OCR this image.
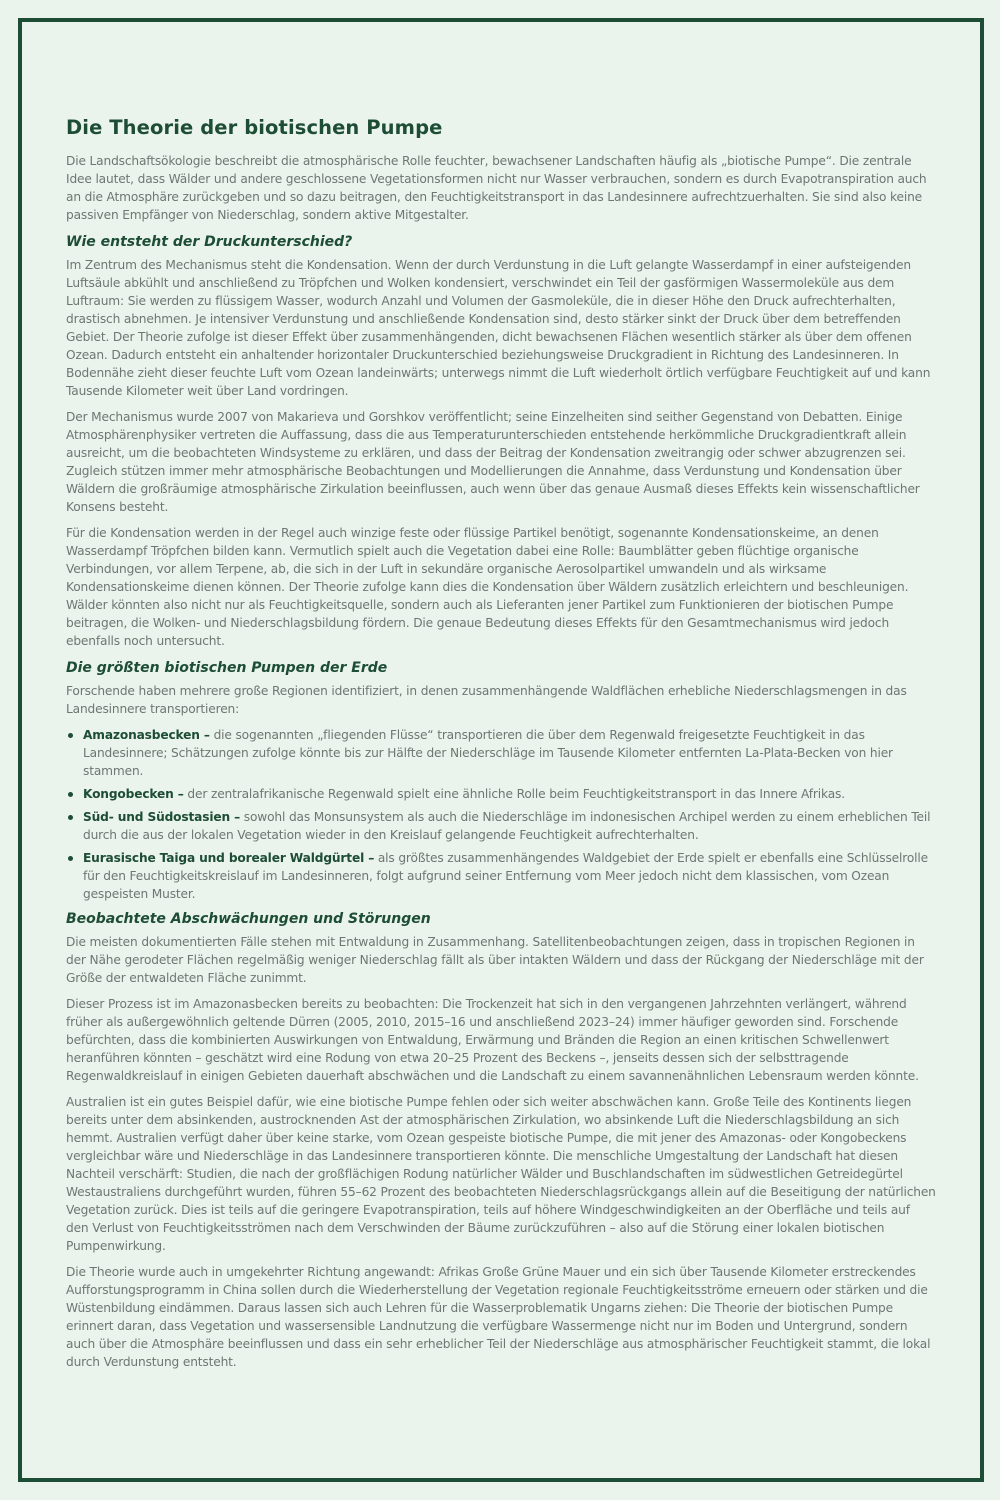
Die Theorie der biotischen Pumpe

Die Landschaftsökologie beschreibt die atmosphärische Rolle feuchter, bewachsener Landschaften häufig als „biotische Pumpe“. Die zentrale Idee lautet, dass Wälder und andere geschlossene Vegetationsformen nicht nur Wasser verbrauchen, sondern es durch Evapotranspiration auch an die Atmosphäre zurückgeben und so dazu beitragen, den Feuchtigkeitstransport in das Landesinnere aufrechtzuerhalten. Sie sind also keine passiven Empfänger von Niederschlag, sondern aktive Mitgestalter.

Wie entsteht der Druckunterschied?

Im Zentrum des Mechanismus steht die Kondensation. Wenn der durch Verdunstung in die Luft gelangte Wasserdampf in einer aufsteigenden Luftsäule abkühlt und anschließend zu Tröpfchen und Wolken kondensiert, verschwindet ein Teil der gasförmigen Wassermoleküle aus dem Luftraum: Sie werden zu flüssigem Wasser, wodurch Anzahl und Volumen der Gasmoleküle, die in dieser Höhe den Druck aufrechterhalten, drastisch abnehmen. Je intensiver Verdunstung und anschließende Kondensation sind, desto stärker sinkt der Druck über dem betreffenden Gebiet. Der Theorie zufolge ist dieser Effekt über zusammenhängenden, dicht bewachsenen Flächen wesentlich stärker als über dem offenen Ozean. Dadurch entsteht ein anhaltender horizontaler Druckunterschied beziehungsweise Druckgradient in Richtung des Landesinneren. In Bodennähe zieht dieser feuchte Luft vom Ozean landeinwärts; unterwegs nimmt die Luft wiederholt örtlich verfügbare Feuchtigkeit auf und kann Tausende Kilometer weit über Land vordringen.

Der Mechanismus wurde 2007 von Makarieva und Gorshkov veröffentlicht; seine Einzelheiten sind seither Gegenstand von Debatten. Einige Atmosphärenphysiker vertreten die Auffassung, dass die aus Temperaturunterschieden entstehende herkömmliche Druckgradientkraft allein ausreicht, um die beobachteten Windsysteme zu erklären, und dass der Beitrag der Kondensation zweitrangig oder schwer abzugrenzen sei. Zugleich stützen immer mehr atmosphärische Beobachtungen und Modellierungen die Annahme, dass Verdunstung und Kondensation über Wäldern die großräumige atmosphärische Zirkulation beeinflussen, auch wenn über das genaue Ausmaß dieses Effekts kein wissenschaftlicher Konsens besteht.

Für die Kondensation werden in der Regel auch winzige feste oder flüssige Partikel benötigt, sogenannte Kondensationskeime, an denen Wasserdampf Tröpfchen bilden kann. Vermutlich spielt auch die Vegetation dabei eine Rolle: Baumblätter geben flüchtige organische Verbindungen, vor allem Terpene, ab, die sich in der Luft in sekundäre organische Aerosolpartikel umwandeln und als wirksame Kondensationskeime dienen können. Der Theorie zufolge kann dies die Kondensation über Wäldern zusätzlich erleichtern und beschleunigen. Wälder könnten also nicht nur als Feuchtigkeitsquelle, sondern auch als Lieferanten jener Partikel zum Funktionieren der biotischen Pumpe beitragen, die Wolken- und Niederschlagsbildung fördern. Die genaue Bedeutung dieses Effekts für den Gesamtmechanismus wird jedoch ebenfalls noch untersucht.

Die größten biotischen Pumpen der Erde

Forschende haben mehrere große Regionen identifiziert, in denen zusammenhängende Waldflächen erhebliche Niederschlagsmengen in das Landesinnere transportieren:

Amazonasbecken – die sogenannten „fliegenden Flüsse“ transportieren die über dem Regenwald freigesetzte Feuchtigkeit in das Landesinnere; Schätzungen zufolge könnte bis zur Hälfte der Niederschläge im Tausende Kilometer entfernten La-Plata-Becken von hier stammen.
Kongobecken – der zentralafrikanische Regenwald spielt eine ähnliche Rolle beim Feuchtigkeitstransport in das Innere Afrikas.
Süd- und Südostasien – sowohl das Monsunsystem als auch die Niederschläge im indonesischen Archipel werden zu einem erheblichen Teil durch die aus der lokalen Vegetation wieder in den Kreislauf gelangende Feuchtigkeit aufrechterhalten.
Eurasische Taiga und borealer Waldgürtel – als größtes zusammenhängendes Waldgebiet der Erde spielt er ebenfalls eine Schlüsselrolle für den Feuchtigkeitskreislauf im Landesinneren, folgt aufgrund seiner Entfernung vom Meer jedoch nicht dem klassischen, vom Ozean gespeisten Muster.
Beobachtete Abschwächungen und Störungen

Die meisten dokumentierten Fälle stehen mit Entwaldung in Zusammenhang. Satellitenbeobachtungen zeigen, dass in tropischen Regionen in der Nähe gerodeter Flächen regelmäßig weniger Niederschlag fällt als über intakten Wäldern und dass der Rückgang der Niederschläge mit der Größe der entwaldeten Fläche zunimmt.

Dieser Prozess ist im Amazonasbecken bereits zu beobachten: Die Trockenzeit hat sich in den vergangenen Jahrzehnten verlängert, während früher als außergewöhnlich geltende Dürren (2005, 2010, 2015–16 und anschließend 2023–24) immer häufiger geworden sind. Forschende befürchten, dass die kombinierten Auswirkungen von Entwaldung, Erwärmung und Bränden die Region an einen kritischen Schwellenwert heranführen könnten – geschätzt wird eine Rodung von etwa 20–25 Prozent des Beckens –, jenseits dessen sich der selbsttragende Regenwaldkreislauf in einigen Gebieten dauerhaft abschwächen und die Landschaft zu einem savannenähnlichen Lebensraum werden könnte.

Australien ist ein gutes Beispiel dafür, wie eine biotische Pumpe fehlen oder sich weiter abschwächen kann. Große Teile des Kontinents liegen bereits unter dem absinkenden, austrocknenden Ast der atmosphärischen Zirkulation, wo absinkende Luft die Niederschlagsbildung an sich hemmt. Australien verfügt daher über keine starke, vom Ozean gespeiste biotische Pumpe, die mit jener des Amazonas- oder Kongobeckens vergleichbar wäre und Niederschläge in das Landesinnere transportieren könnte. Die menschliche Umgestaltung der Landschaft hat diesen Nachteil verschärft: Studien, die nach der großflächigen Rodung natürlicher Wälder und Buschlandschaften im südwestlichen Getreidegürtel Westaustraliens durchgeführt wurden, führen 55–62 Prozent des beobachteten Niederschlagsrückgangs allein auf die Beseitigung der natürlichen Vegetation zurück. Dies ist teils auf die geringere Evapotranspiration, teils auf höhere Windgeschwindigkeiten an der Oberfläche und teils auf den Verlust von Feuchtigkeitsströmen nach dem Verschwinden der Bäume zurückzuführen – also auf die Störung einer lokalen biotischen Pumpenwirkung.

Die Theorie wurde auch in umgekehrter Richtung angewandt: Afrikas Große Grüne Mauer und ein sich über Tausende Kilometer erstreckendes Aufforstungsprogramm in China sollen durch die Wiederherstellung der Vegetation regionale Feuchtigkeitsströme erneuern oder stärken und die Wüstenbildung eindämmen. Daraus lassen sich auch Lehren für die Wasserproblematik Ungarns ziehen: Die Theorie der biotischen Pumpe erinnert daran, dass Vegetation und wassersensible Landnutzung die verfügbare Wassermenge nicht nur im Boden und Untergrund, sondern auch über die Atmosphäre beeinflussen und dass ein sehr erheblicher Teil der Niederschläge aus atmosphärischer Feuchtigkeit stammt, die lokal durch Verdunstung entsteht.
